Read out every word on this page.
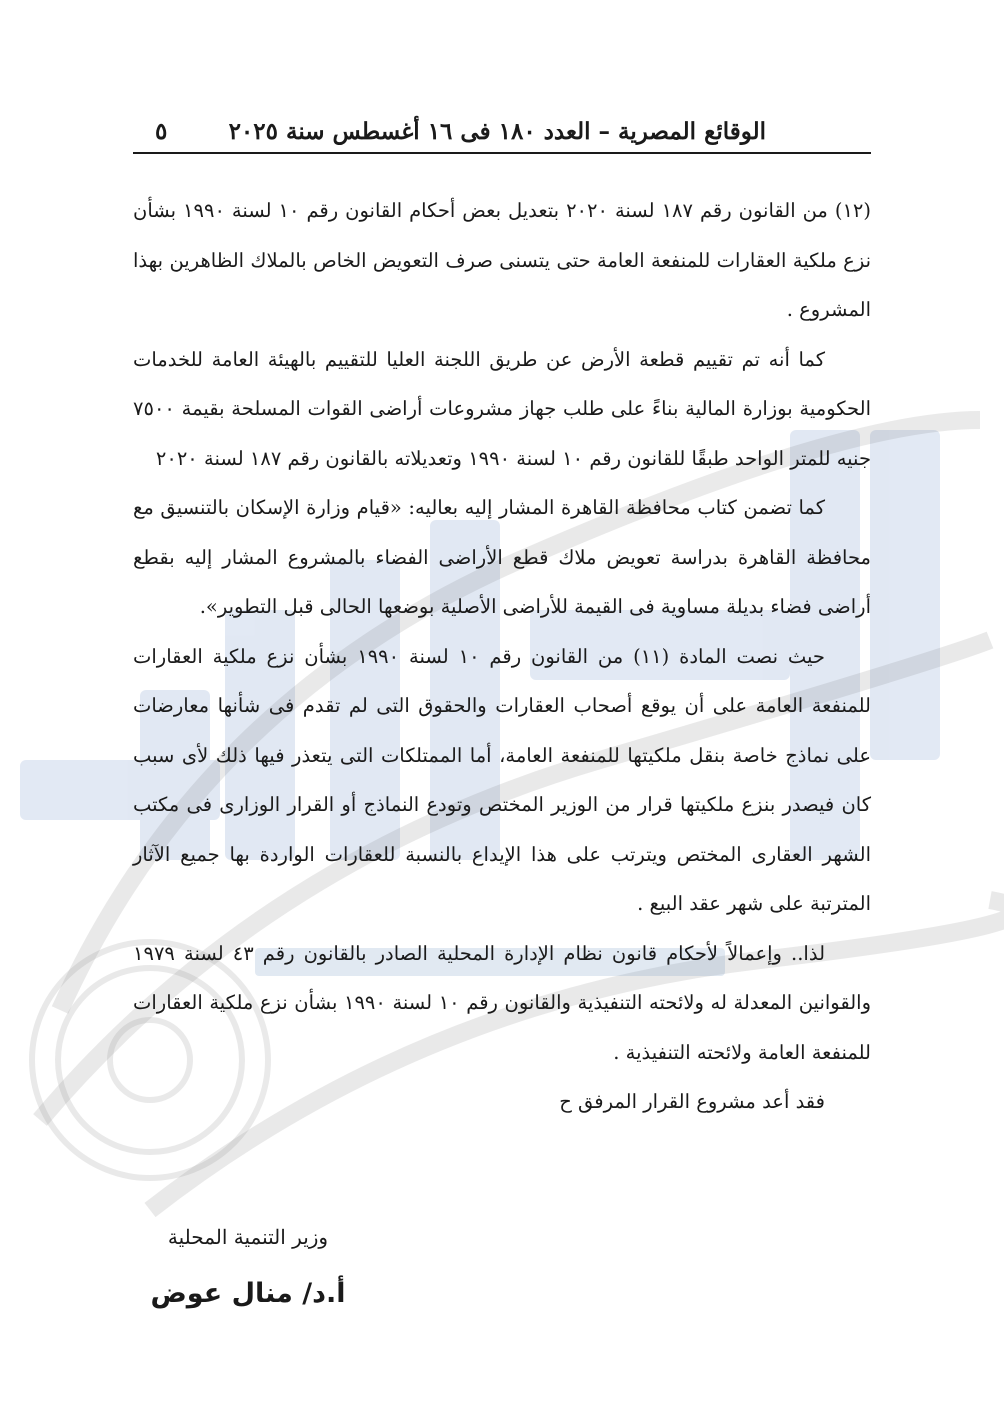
الوقائع المصرية – العدد ١٨٠ فى ١٦ أغسطس سنة ٢٠٢٥
٥

(١٢) من القانون رقم ١٨٧ لسنة ٢٠٢٠ بتعديل بعض أحكام القانون رقم ١٠ لسنة ١٩٩٠ بشأن نزع ملكية العقارات للمنفعة العامة حتى يتسنى صرف التعويض الخاص بالملاك الظاهرين بهذا المشروع .

كما أنه تم تقييم قطعة الأرض عن طريق اللجنة العليا للتقييم بالهيئة العامة للخدمات الحكومية بوزارة المالية بناءً على طلب جهاز مشروعات أراضى القوات المسلحة بقيمة ٧٥٠٠ جنيه للمتر الواحد طبقًا للقانون رقم ١٠ لسنة ١٩٩٠ وتعديلاته بالقانون رقم ١٨٧ لسنة ٢٠٢٠

كما تضمن كتاب محافظة القاهرة المشار إليه بعاليه: «قيام وزارة الإسكان بالتنسيق مع محافظة القاهرة بدراسة تعويض ملاك قطع الأراضى الفضاء بالمشروع المشار إليه بقطع أراضى فضاء بديلة مساوية فى القيمة للأراضى الأصلية بوضعها الحالى قبل التطوير».

حيث نصت المادة (١١) من القانون رقم ١٠ لسنة ١٩٩٠ بشأن نزع ملكية العقارات للمنفعة العامة على أن يوقع أصحاب العقارات والحقوق التى لم تقدم فى شأنها معارضات على نماذج خاصة بنقل ملكيتها للمنفعة العامة، أما الممتلكات التى يتعذر فيها ذلك لأى سبب كان فيصدر بنزع ملكيتها قرار من الوزير المختص وتودع النماذج أو القرار الوزارى فى مكتب الشهر العقارى المختص ويترتب على هذا الإيداع بالنسبة للعقارات الواردة بها جميع الآثار المترتبة على شهر عقد البيع .

لذا.. وإعمالاً لأحكام قانون نظام الإدارة المحلية الصادر بالقانون رقم ٤٣ لسنة ١٩٧٩ والقوانين المعدلة له ولائحته التنفيذية والقانون رقم ١٠ لسنة ١٩٩٠ بشأن نزع ملكية العقارات للمنفعة العامة ولائحته التنفيذية .

فقد أعد مشروع القرار المرفق ‌ح

وزير التنمية المحلية
أ.د/ منال عوض
